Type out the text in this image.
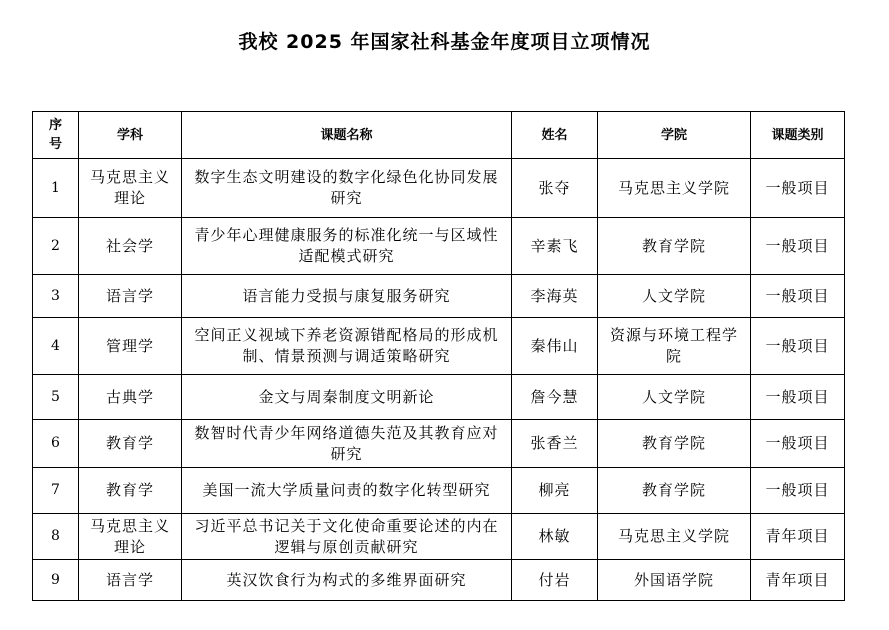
我校 2025 年国家社科基金年度项目立项情况
序号	学科	课题名称	姓名	学院	课题类别
1	马克思主义理论	数字生态文明建设的数字化绿色化协同发展研究	张夺	马克思主义学院	一般项目
2	社会学	青少年心理健康服务的标准化统一与区域性适配模式研究	辛素飞	教育学院	一般项目
3	语言学	语言能力受损与康复服务研究	李海英	人文学院	一般项目
4	管理学	空间正义视域下养老资源错配格局的形成机制、情景预测与调适策略研究	秦伟山	资源与环境工程学院	一般项目
5	古典学	金文与周秦制度文明新论	詹今慧	人文学院	一般项目
6	教育学	数智时代青少年网络道德失范及其教育应对研究	张香兰	教育学院	一般项目
7	教育学	美国一流大学质量问责的数字化转型研究	柳亮	教育学院	一般项目
8	马克思主义理论	习近平总书记关于文化使命重要论述的内在逻辑与原创贡献研究	林敏	马克思主义学院	青年项目
9	语言学	英汉饮食行为构式的多维界面研究	付岩	外国语学院	青年项目
